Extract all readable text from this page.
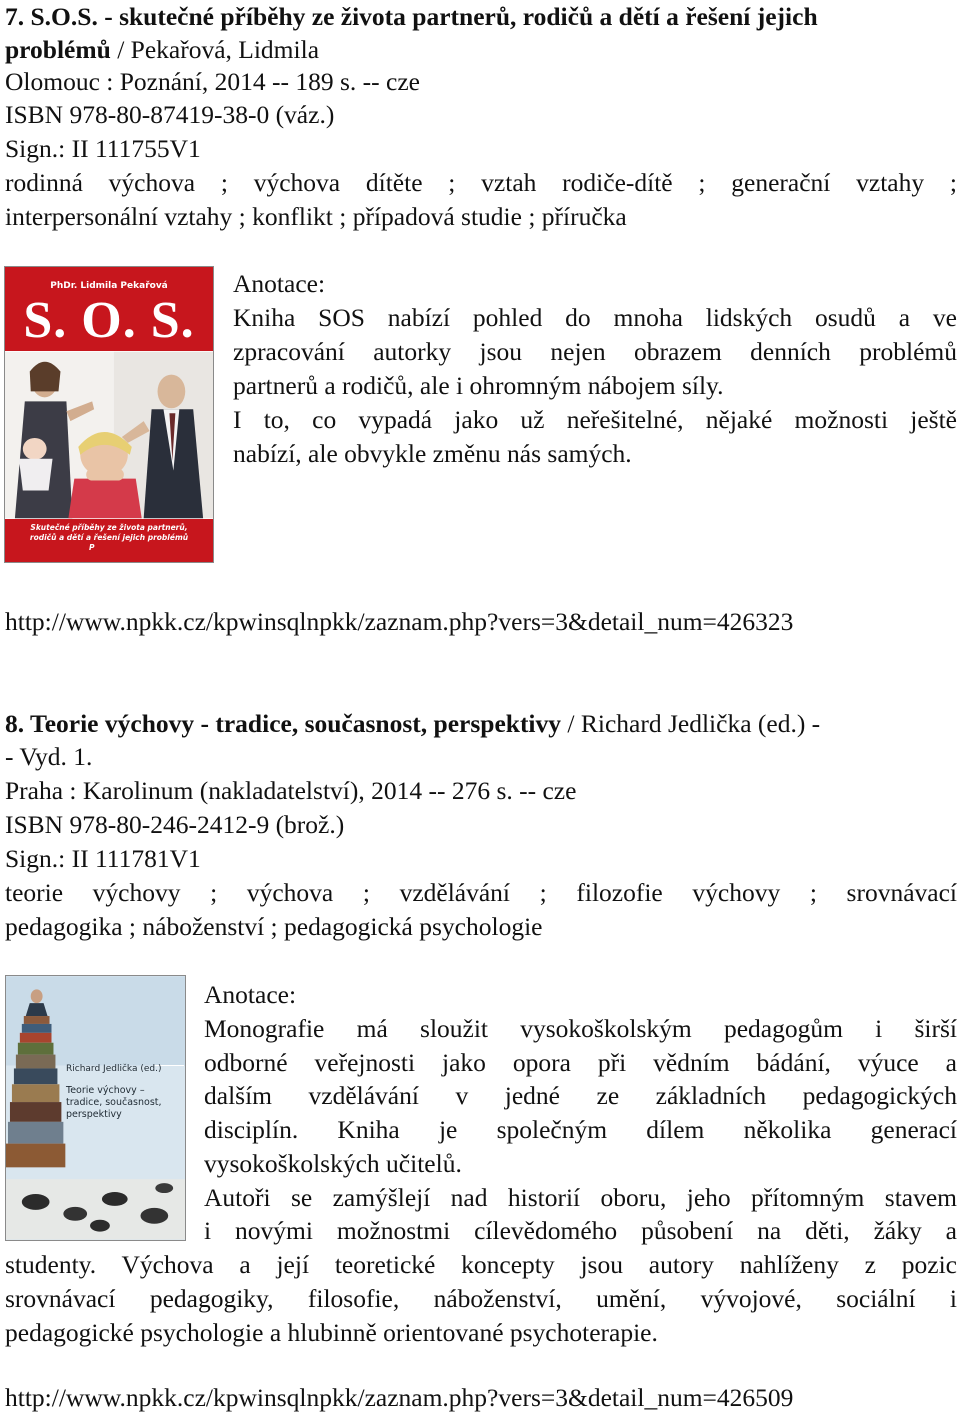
7. S.O.S. - skutečné příběhy ze života partnerů, rodičů a dětí a řešení jejich
problémů / Pekařová, Lidmila
Olomouc : Poznání, 2014 -- 189 s. -- cze
ISBN 978-80-87419-38-0 (váz.)
Sign.: II 111755V1
rodinná výchova ; výchova dítěte ; vztah rodiče-dítě ; generační vztahy ;
interpersonální vztahy ; konflikt ; případová studie ; příručka
PhDr. Lidmila Pekařová
S. O. S.
Skutečné příběhy ze života partnerů,
rodičů a dětí a řešení jejich problémů
P
Anotace:
Kniha SOS nabízí pohled do mnoha lidských osudů a ve
zpracování autorky jsou nejen obrazem denních problémů
partnerů a rodičů, ale i ohromným nábojem síly.
I to, co vypadá jako už neřešitelné, nějaké možnosti ještě
nabízí, ale obvykle změnu nás samých.
http://www.npkk.cz/kpwinsqlnpkk/zaznam.php?vers=3&detail_num=426323
8. Teorie výchovy - tradice, současnost, perspektivy / Richard Jedlička (ed.) -
- Vyd. 1.
Praha : Karolinum (nakladatelství), 2014 -- 276 s. -- cze
ISBN 978-80-246-2412-9 (brož.)
Sign.: II 111781V1
teorie výchovy ; výchova ; vzdělávání ; filozofie výchovy ; srovnávací
pedagogika ; náboženství ; pedagogická psychologie
Richard Jedlička (ed.)
Teorie výchovy –
tradice, současnost,
perspektivy
Anotace:
Monografie má sloužit vysokoškolským pedagogům i širší
odborné veřejnosti jako opora při vědním bádání, výuce a
dalším vzdělávání v jedné ze základních pedagogických
disciplín. Kniha je společným dílem několika generací
vysokoškolských učitelů.
Autoři se zamýšlejí nad historií oboru, jeho přítomným stavem
i novými možnostmi cílevědomého působení na děti, žáky a
studenty. Výchova a její teoretické koncepty jsou autory nahlíženy z pozic
srovnávací pedagogiky, filosofie, náboženství, umění, vývojové, sociální i
pedagogické psychologie a hlubinně orientované psychoterapie.
http://www.npkk.cz/kpwinsqlnpkk/zaznam.php?vers=3&detail_num=426509
